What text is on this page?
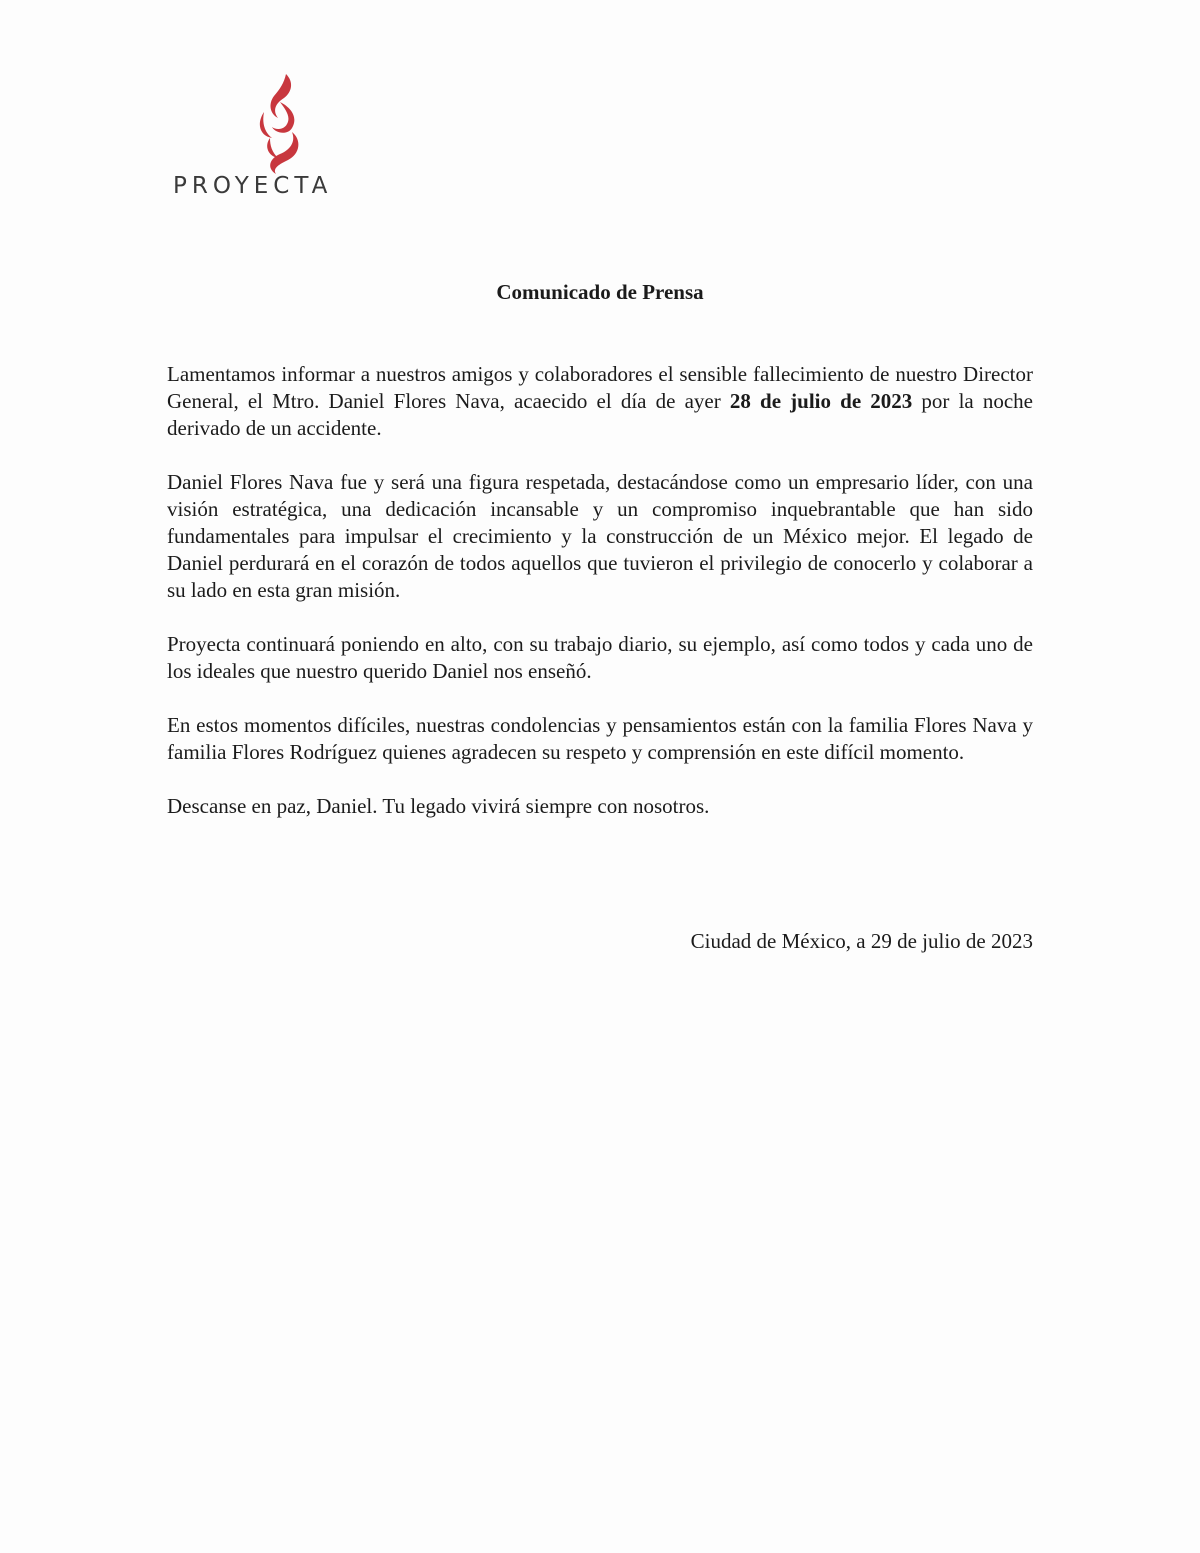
PROYECTA
Comunicado de Prensa

Lamentamos informar a nuestros amigos y colaboradores el sensible fallecimiento de nuestro Director General, el Mtro. Daniel Flores Nava, acaecido el día de ayer 28 de julio de 2023 por la noche derivado de un accidente.

Daniel Flores Nava fue y será una figura respetada, destacándose como un empresario líder, con una visión estratégica, una dedicación incansable y un compromiso inquebrantable que han sido fundamentales para impulsar el crecimiento y la construcción de un México mejor. El legado de Daniel perdurará en el corazón de todos aquellos que tuvieron el privilegio de conocerlo y colaborar a su lado en esta gran misión.

Proyecta continuará poniendo en alto, con su trabajo diario, su ejemplo, así como todos y cada uno de los ideales que nuestro querido Daniel nos enseñó.

En estos momentos difíciles, nuestras condolencias y pensamientos están con la familia Flores Nava y familia Flores Rodríguez quienes agradecen su respeto y comprensión en este difícil momento.

Descanse en paz, Daniel. Tu legado vivirá siempre con nosotros.

Ciudad de México, a 29 de julio de 2023
